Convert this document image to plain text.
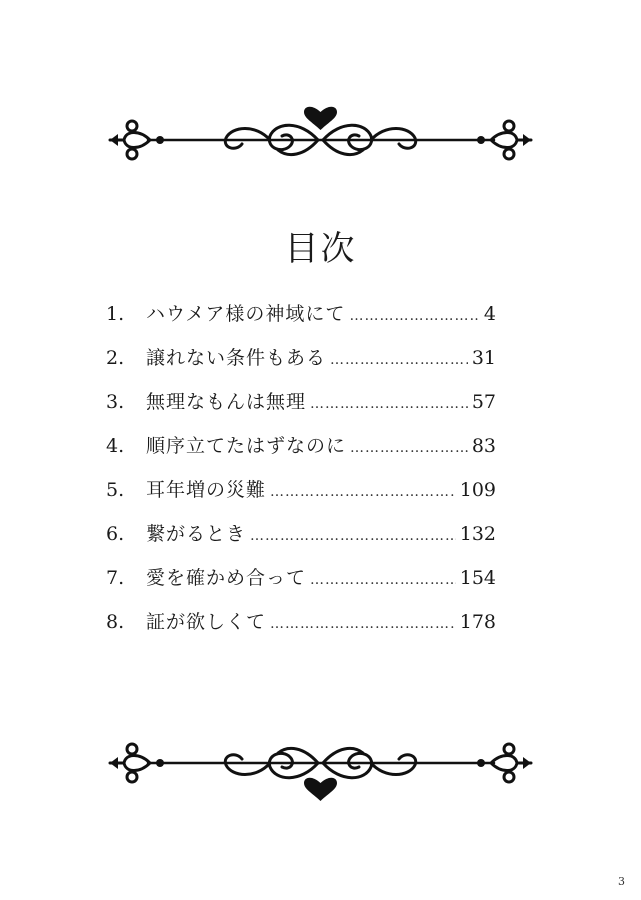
目次
1.	ハウメア様の神域にて ……………………………………………………………………………………	4
2.	譲れない条件もある ……………………………………………………………………………………	31
3.	無理なもんは無理 ……………………………………………………………………………………	57
4.	順序立てたはずなのに ……………………………………………………………………………………	83
5.	耳年増の災難 ……………………………………………………………………………………	109
6.	繋がるとき ……………………………………………………………………………………	132
7.	愛を確かめ合って ……………………………………………………………………………………	154
8.	証が欲しくて ……………………………………………………………………………………	178
3
